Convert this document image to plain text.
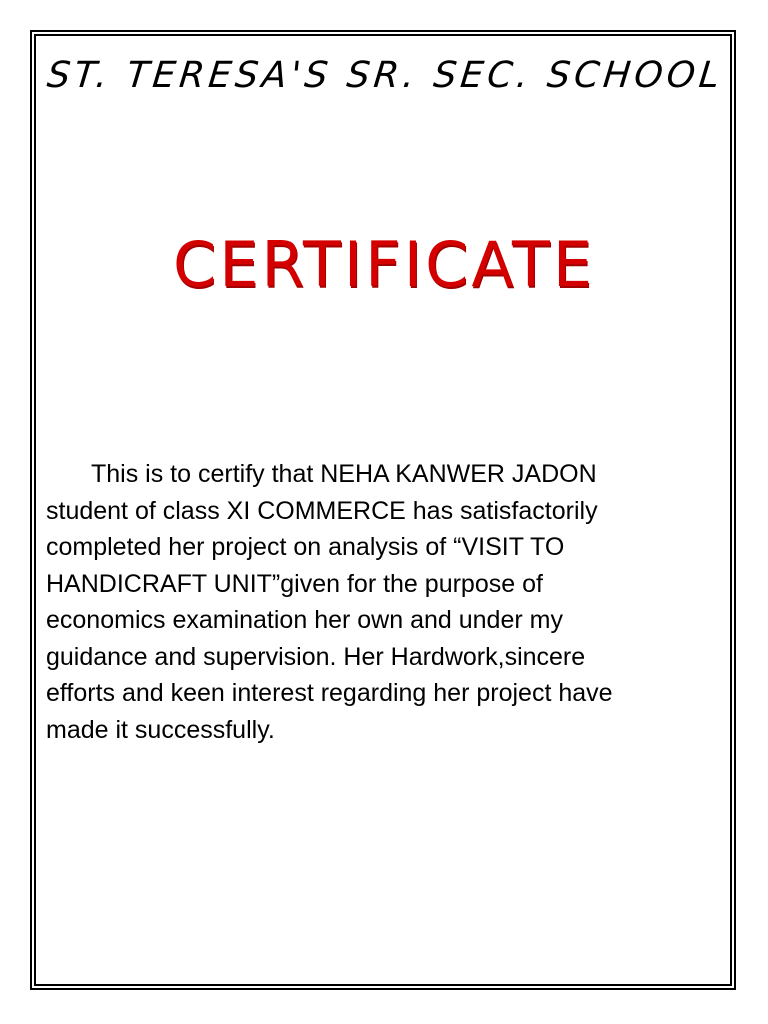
ST. TERESA'S SR. SEC. SCHOOL
CERTIFICATE

This is to certify that NEHA KANWER JADON
student of class XI COMMERCE has satisfactorily
completed her project on analysis of “VISIT TO
HANDICRAFT UNIT”given for the purpose of
economics examination her own and under my
guidance and supervision. Her Hardwork,sincere
efforts and keen interest regarding her project have
made it successfully.
